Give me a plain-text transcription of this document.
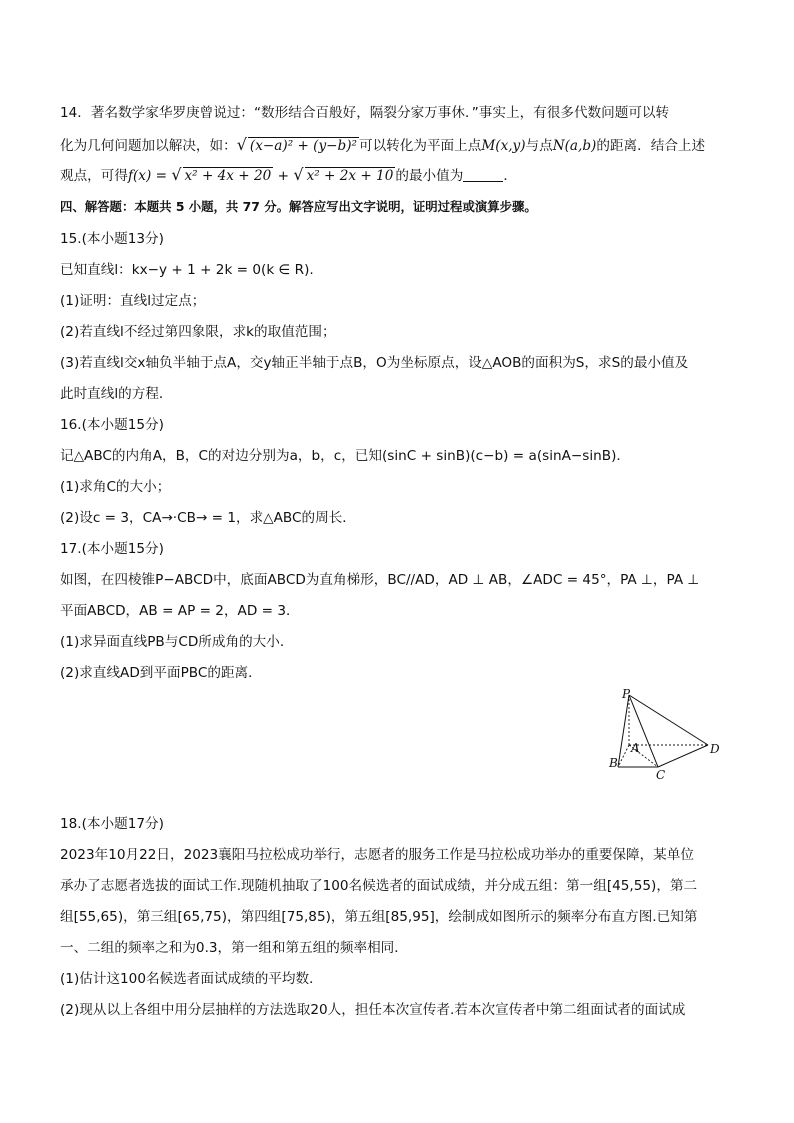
14．著名数学家华罗庚曾说过：“数形结合百般好，隔裂分家万事休．”事实上，有很多代数问题可以转
化为几何问题加以解决，如：√ (x−a)² + (y−b)² 可以转化为平面上点M(x,y)与点N(a,b)的距离．结合上述
观点，可得f(x) = √ x² + 4x + 20 + √ x² + 2x + 10 的最小值为	．
四、解答题：本题共 5 小题，共 77 分。解答应写出文字说明，证明过程或演算步骤。
15.(本小题13分)
已知直线l：kx−y + 1 + 2k = 0(k ∈ R).
(1)证明：直线l过定点；
(2)若直线l不经过第四象限，求k的取值范围；
(3)若直线l交x轴负半轴于点A，交y轴正半轴于点B，O为坐标原点，设△AOB的面积为S，求S的最小值及
此时直线l的方程．
16.(本小题15分)
记△ABC的内角A，B，C的对边分别为a，b，c，已知(sinC + sinB)(c−b) = a(sinA−sinB)．
(1)求角C的大小；
(2)设c = 3，CA→·CB→ = 1，求△ABC的周长．
17.(本小题15分)
如图，在四棱锥P−ABCD中，底面ABCD为直角梯形，BC//AD，AD ⊥ AB，∠ADC = 45°，PA ⊥，PA ⊥
平面ABCD，AB = AP = 2，AD = 3．
(1)求异面直线PB与CD所成角的大小．
(2)求直线AD到平面PBC的距离．
P
A
B
C
D
18.(本小题17分)
2023年10月22日，2023襄阳马拉松成功举行，志愿者的服务工作是马拉松成功举办的重要保障，某单位
承办了志愿者选拔的面试工作.现随机抽取了100名候选者的面试成绩，并分成五组：第一组[45,55)，第二
组[55,65)，第三组[65,75)，第四组[75,85)，第五组[85,95]，绘制成如图所示的频率分布直方图.已知第
一、二组的频率之和为0.3，第一组和第五组的频率相同．
(1)估计这100名候选者面试成绩的平均数．
(2)现从以上各组中用分层抽样的方法选取20人，担任本次宣传者.若本次宣传者中第二组面试者的面试成
